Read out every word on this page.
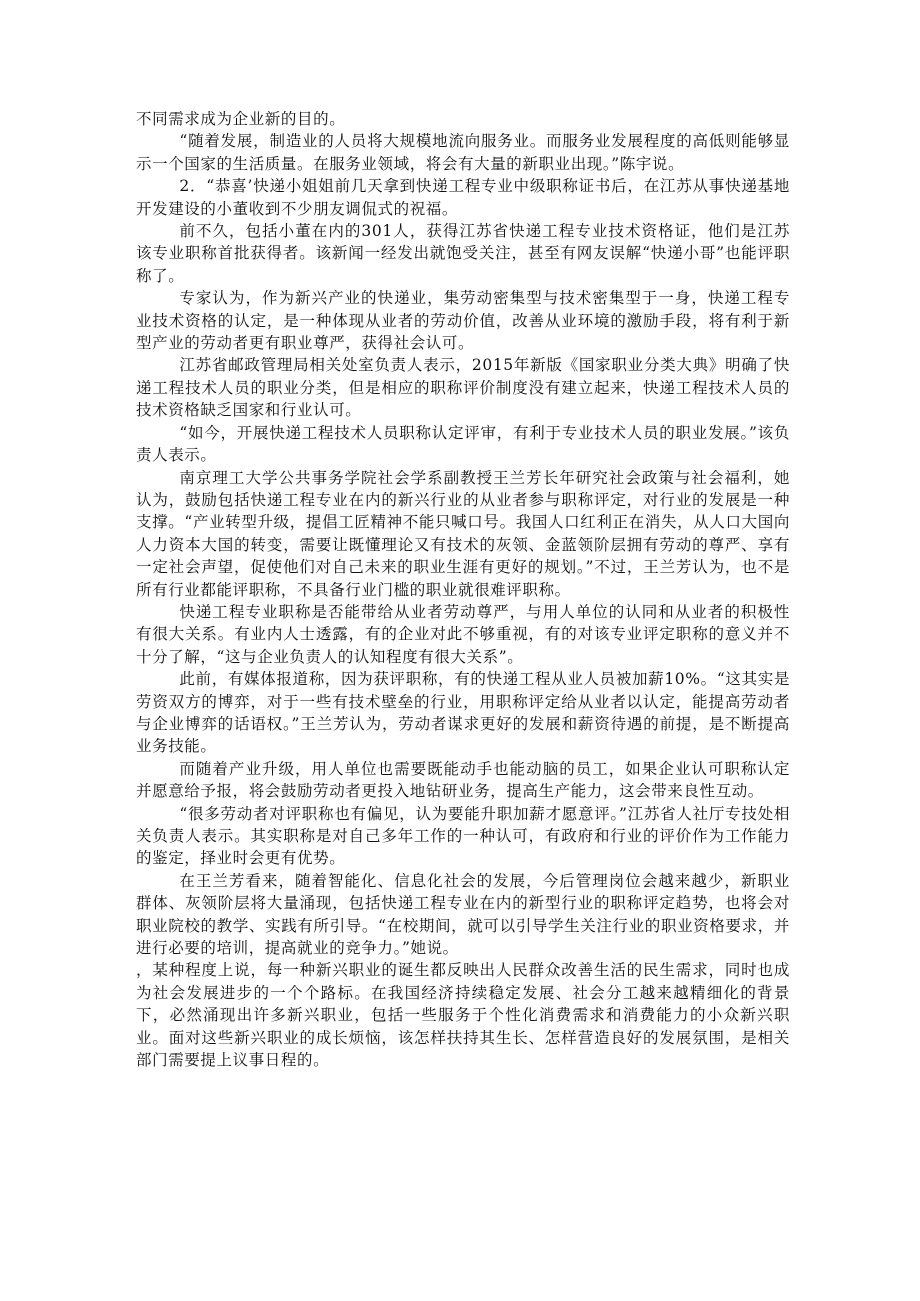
不同需求成为企业新的目的。

“随着发展，制造业的人员将大规模地流向服务业。而服务业发展程度的高低则能够显示一个国家的生活质量。在服务业领域，将会有大量的新职业出现。”陈宇说。

2．“恭喜’快递小姐姐前几天拿到快递工程专业中级职称证书后，在江苏从事快递基地开发建设的小董收到不少朋友调侃式的祝福。

前不久，包括小董在内的301人，获得江苏省快递工程专业技术资格证，他们是江苏该专业职称首批获得者。该新闻一经发出就饱受关注，甚至有网友误解“快递小哥”也能评职称了。

专家认为，作为新兴产业的快递业，集劳动密集型与技术密集型于一身，快递工程专业技术资格的认定，是一种体现从业者的劳动价值，改善从业环境的激励手段，将有利于新型产业的劳动者更有职业尊严，获得社会认可。

江苏省邮政管理局相关处室负责人表示，2015年新版《国家职业分类大典》明确了快递工程技术人员的职业分类，但是相应的职称评价制度没有建立起来，快递工程技术人员的技术资格缺乏国家和行业认可。

“如今，开展快递工程技术人员职称认定评审，有利于专业技术人员的职业发展。”该负责人表示。

南京理工大学公共事务学院社会学系副教授王兰芳长年研究社会政策与社会福利，她认为，鼓励包括快递工程专业在内的新兴行业的从业者参与职称评定，对行业的发展是一种支撑。“产业转型升级，提倡工匠精神不能只喊口号。我国人口红利正在消失，从人口大国向人力资本大国的转变，需要让既懂理论又有技术的灰领、金蓝领阶层拥有劳动的尊严、享有一定社会声望，促使他们对自己未来的职业生涯有更好的规划。”不过，王兰芳认为，也不是所有行业都能评职称，不具备行业门槛的职业就很难评职称。

快递工程专业职称是否能带给从业者劳动尊严，与用人单位的认同和从业者的积极性有很大关系。有业内人士透露，有的企业对此不够重视，有的对该专业评定职称的意义并不十分了解，“这与企业负责人的认知程度有很大关系”。

此前，有媒体报道称，因为获评职称，有的快递工程从业人员被加薪10%。“这其实是劳资双方的博弈，对于一些有技术壁垒的行业，用职称评定给从业者以认定，能提高劳动者与企业博弈的话语权。”王兰芳认为，劳动者谋求更好的发展和薪资待遇的前提，是不断提高业务技能。

而随着产业升级，用人单位也需要既能动手也能动脑的员工，如果企业认可职称认定并愿意给予报，将会鼓励劳动者更投入地钻研业务，提高生产能力，这会带来良性互动。

“很多劳动者对评职称也有偏见，认为要能升职加薪才愿意评。”江苏省人社厅专技处相关负责人表示。其实职称是对自己多年工作的一种认可，有政府和行业的评价作为工作能力的鉴定，择业时会更有优势。

在王兰芳看来，随着智能化、信息化社会的发展，今后管理岗位会越来越少，新职业群体、灰领阶层将大量涌现，包括快递工程专业在内的新型行业的职称评定趋势，也将会对职业院校的教学、实践有所引导。“在校期间，就可以引导学生关注行业的职业资格要求，并进行必要的培训，提高就业的竞争力。”她说。

，某种程度上说，每一种新兴职业的诞生都反映出人民群众改善生活的民生需求，同时也成为社会发展进步的一个个路标。在我国经济持续稳定发展、社会分工越来越精细化的背景下，必然涌现出许多新兴职业，包括一些服务于个性化消费需求和消费能力的小众新兴职业。面对这些新兴职业的成长烦恼，该怎样扶持其生长、怎样营造良好的发展氛围，是相关部门需要提上议事日程的。
